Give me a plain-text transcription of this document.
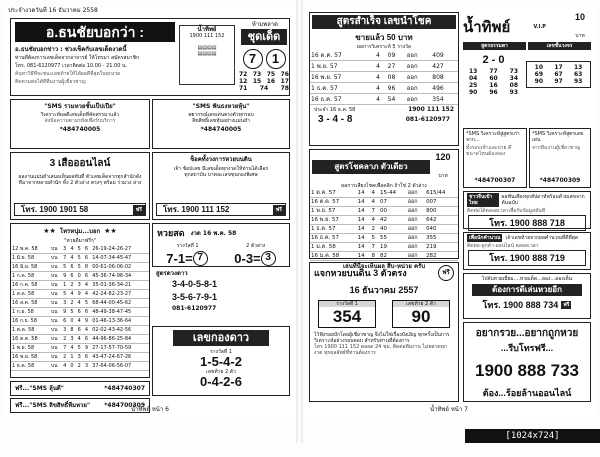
ประจำงวดวันที่ 16 ธันวาคม 2558
อ.ธนชัยบอกว่า :
อ.ธนชัยบอกข่าว : ช่วงเช็คกับเลขเด็ดงวดนี้
ท่านที่ต้องการเลขเด็ดจากอาจารย์ ให้โทรมา สมัครสมาชิก
โทร. 081-6120977 เวลาติดต่อ 10.00 - 21.00 น.
ค้นหาวิธีที่จะชนะเลขท้ายให้ได้ผลดีที่สุดในทุกงวด
ติดตามต่อได้ที่ทีมงานผู้เชี่ยวชาญ
ห้ามพลาด
ชุดเด็ด
น้ำทิพย์
1900 111 152
▤▤▤▤
▤▤▤▤	7	1
72 73 75 76
12 15 16 17
71 74 78
"SMS รวมหวยชั้นเป๊ปเปีย"
วิเคราะห์ผลดีเลขเด็ดที่คัดสรรมาแล้ว
ส่งข้อความตามรหัสเพื่อรับบริการ
*484740005
"SMS ฟันธงหวยหุ้น"
พยากรณ์เลขเด่นตรงตัวทุกรอบ
ลิขสิทธิ์เลขหุ้นอย่างแม่นยำ
*484740005
3 เสือออนไลน์
ผลงานแม่นยำเสมอเห็นผลทันที่ ตัวเลขเด็ดจากทุกสำนักดัง
ที่มาจากหลายสำนัก ทั้ง 2 ตัวล่าง ตรงๆ พร้อม ร่วมวง ล่าง
โทร. 1900 1901 58	ฟรี
ช็อคทั้งวงการหวยบนดิน
เจ้า ช้อปเลข มีเลขเด็ดทุกงวดให้ท่านได้เลือก
ทุกสถาบัน บาทละเลขขุนกองพิเศษ
โทร. 1900 111 152	ฟรี
★★ โทรหนุ่ม...บอก ★★
"หวยดีมาฟรีๆ"
12 พ.ค. 58	บน	3	4	5	6	26-19-24-26-27
1 มิ.ย. 58	บน	7	4	5	6	14-07-34-45-47
16 มิ.ย. 58	บน	5	6	5	8	00-61-06-06-02
1 ก.ค. 58	บน	9	6	0	6	45-36-74-96-34
16 ก.ค. 58	บน	1	2	3	4	35-01-36-34-21
1 ส.ค. 58	บน	5	4	9	4	42-24-82-23-27
16 ส.ค. 58	บน	3	2	4	5	68-44-00-45-62
1 ก.ย. 58	บน	9	5	6	6	48-49-38-47-45
16 ก.ย. 58	บน	6	0	4	9	01-46-13-36-64
1 ต.ค. 58	บน	3	8	6	4	02-02-43-42-56
16 ต.ค. 58	บน	2	3	4	6	44-96-86-25-84
1 พ.ย. 58	บน	7	4	5	9	27-17-57-70-59
16 พ.ย. 58	บน	2	1	3	6	43-47-24-67-26
1 ธ.ค. 58	บน	4	0	2	3	37-64-06-56-07
ฟรี..."SMS ลุ้นดี"	*484740307
ฟรี..."SMS ลิขสิทธิ์ทีมหวย" *484700309
หวยสด งวด 16 พ.ค. 58
รางวัลที่ 1	2 ตัวล่าง
7-1 = 7	0-3 = 3
สูตรดวงดาว
3-4-0-5-8-1
3-5-6-7-9-1
081-6120977
เลขกองดาว
รางวัลที่ 1
1-5-4-2
เลขท้าย 2 ตัว
0-4-2-6
น้ำทิพย์ หน้า 6
สูตรสำเร็จ เลขนำโชค
ขายแล้ว 50 บาท
ผลการวิเคราะห์ 5 รางวัล
16 ต.ค. 57	4	09	ออก	409
1 พ.ย. 57	4	27	ออก	427
16 พ.ย. 57	4	08	ออก	808
1 ธ.ค. 57	4	96	ออก	496
16 ธ.ค. 57	4	54	ออก	354
ประจำ 16 ธ.ค. 58	1900 111 152
3 - 4 - 8	081-6120977
น้ำทิพย์	V.I.P
10
บาท
สูตรธรรมดา	เลขชั้นวงจร
2 - 0
13 77 73
04 60 34
25 16 08
90 96 93
10 17 13
69 67 63
90 97 93
*SMS วิเคราะห์สู่สูตรเก่าจาก...
ทั้งรอบเช้าและบ่าย ดีขนาดไหนต้องลอง
*484700307
*SMS วิเคราะห์สูตรเลขเด่น
จากทีมงานผู้เชี่ยวชาญ
*484700309
สูตรโชคลาภ ตัวเดียว
120
บาท
ผลการเสี่ยงโชคเพื่อคลิก ถ้าใช่ 2 ตัวล่าง
1 ต.ค. 57	14	4	15-44	ออก	615/44
16 ต.ค. 57	14	4	07	ออก	007
1 พ.ย. 57	14	7	00	ออก	800
16 พ.ย. 57	14	4	42	ออก	642
1 ธ.ค. 57	14	2	40	ออก	040
16 ธ.ค. 57	14	5	55	ออก	355
1 ม.ค. 58	14	7	19	ออก	219
16 ม.ค. 58	14	8	82	ออก	282
เล่นที่นี่จะเห็นผล สืบ-หน่วย ครับ
ชาวจีนเข้าไทย
ผลฟันเสียงทุกสัปดาห์พร้อมด้วยเลขจากต้นฉบับ
ติดต่อได้ตลอดเวลาเพื่อรับข้อมูลทันที
โทร. 1900 888 718
เพื่อนักคำนวณ	เจ้าเลขท้ายจากผลคำนวณที่ดีที่สุด
ติดต่อ-ลูกค้า-ออนไลน์ ตลอดเวลา
โทร. 1900 888 719
ไปจับหวยเยี่ยม....หวยเด็ด...ลอง...ลองเห็น
ต้องการดีเล่นหวยอีก
โทร. 1900 888 734	ฟรี
อยากรวย...อยากถูกหวย
...รีบโทรฟรี...
1900 888 733
ต้อง...ร้อยล้านออนไลน์
แจกหวยบนดิน 3 ตัวตรง	ฟรี
16 ธันวาคม 2557
รางวัลที่ 1
354
เลขท้าย 2 ตัว
90
ไว้ฟังรอยปักโดยผู้เชี่ยวชาญ จึงไม่ใช่เรื่องบังเอิญ ทุกครั้งเป็นการวิเคราะห์อย่างรอบคอบ สำหรับท่านที่ต้องการ
โทร 1900 111 152 ตลอด 24 ชม. ติดต่อทีมงาน ไม่พลาดทุกงวด ทุกผลลัพธ์ที่ท่านต้องการ
น้ำทิพย์ หน้า 7
[1024x724] https://upic.me/
